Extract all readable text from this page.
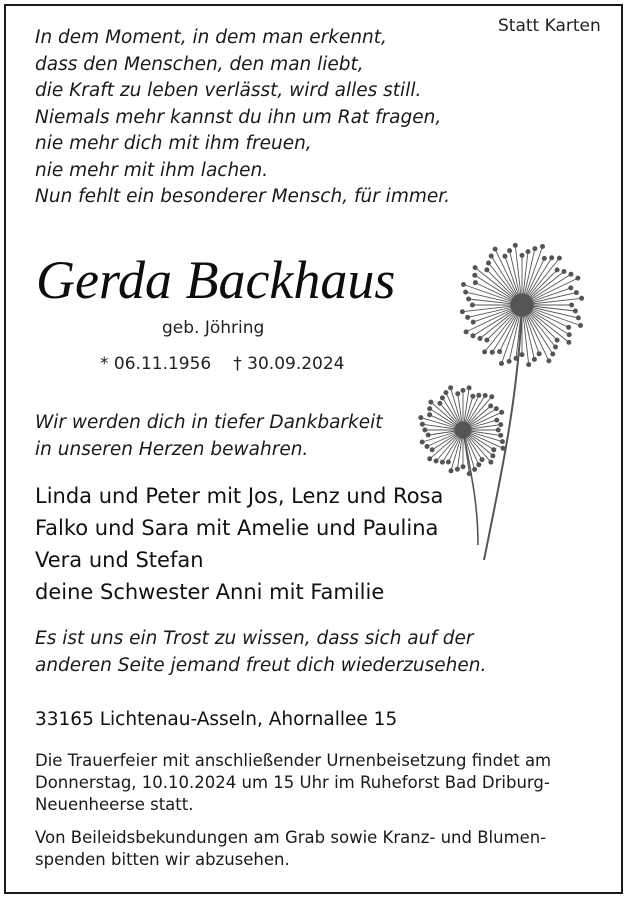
Statt Karten
In dem Moment, in dem man erkennt,
dass den Menschen, den man liebt,
die Kraft zu leben verlässt, wird alles still.
Niemals mehr kannst du ihn um Rat fragen,
nie mehr dich mit ihm freuen,
nie mehr mit ihm lachen.
Nun fehlt ein besonderer Mensch, für immer.
Gerda Backhaus
geb. Jöhring
* 06.11.1956 † 30.09.2024
Wir werden dich in tiefer Dankbarkeit
in unseren Herzen bewahren.
Linda und Peter mit Jos, Lenz und Rosa
Falko und Sara mit Amelie und Paulina
Vera und Stefan
deine Schwester Anni mit Familie
Es ist uns ein Trost zu wissen, dass sich auf der
anderen Seite jemand freut dich wiederzusehen.
33165 Lichtenau-Asseln, Ahornallee 15
Die Trauerfeier mit anschließender Urnenbeisetzung findet am
Donnerstag, 10.10.2024 um 15 Uhr im Ruheforst Bad Driburg-
Neuenheerse statt.
Von Beileidsbekundungen am Grab sowie Kranz- und Blumen-
spenden bitten wir abzusehen.
